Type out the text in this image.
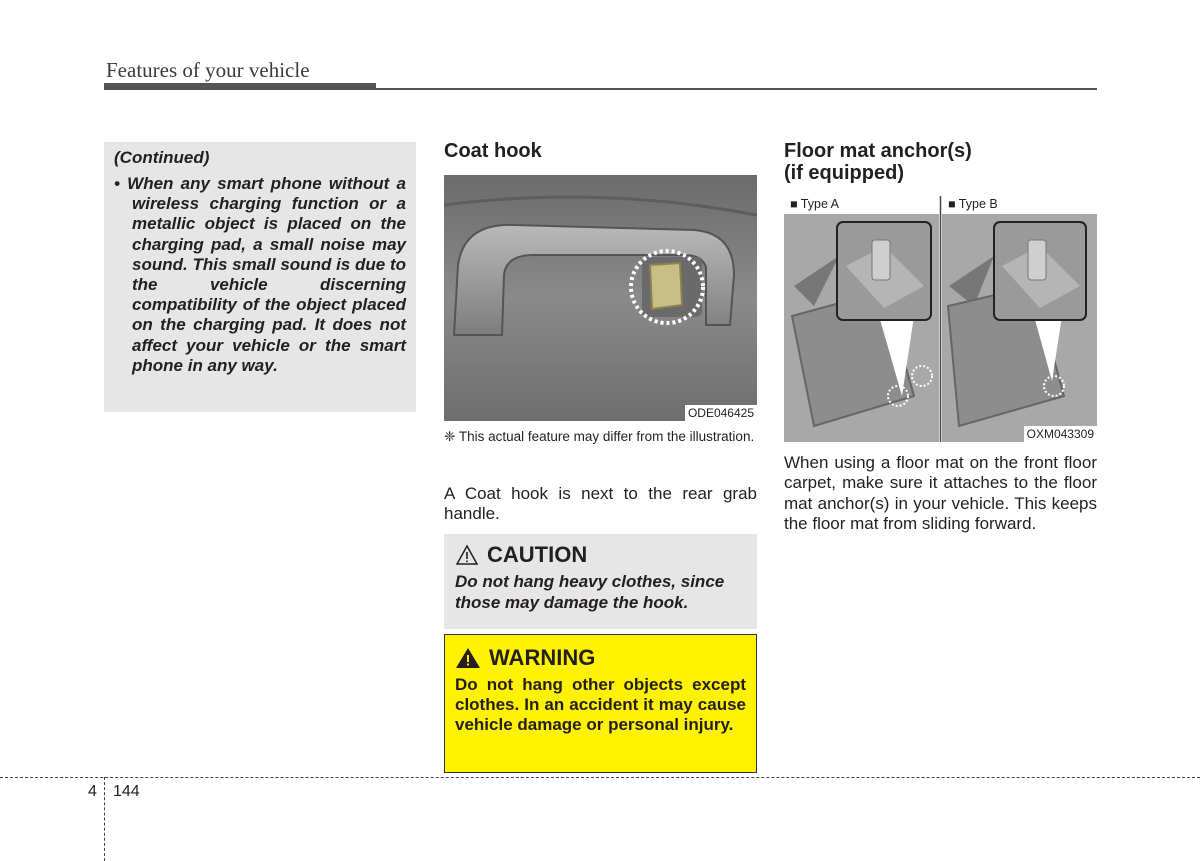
Features of your vehicle

(Continued)

• When any smart phone without a wireless charging function or a metallic object is placed on the charging pad, a small noise may sound. This small sound is due to the vehicle discerning compatibility of the object placed on the charging pad. It does not affect your vehicle or the smart phone in any way.

Coat hook
ODE046425
❈ This actual feature may differ from the illustration.

A Coat hook is next to the rear grab handle.

CAUTION

Do not hang heavy clothes, since those may damage the hook.

WARNING

Do not hang other objects except clothes. In an accident it may cause vehicle damage or personal injury.

Floor mat anchor(s)

(if equipped)

■ Type A	■ Type B
OXM043309

When using a floor mat on the front floor carpet, make sure it attaches to the floor mat anchor(s) in your vehicle. This keeps the floor mat from sliding forward.

4 144
